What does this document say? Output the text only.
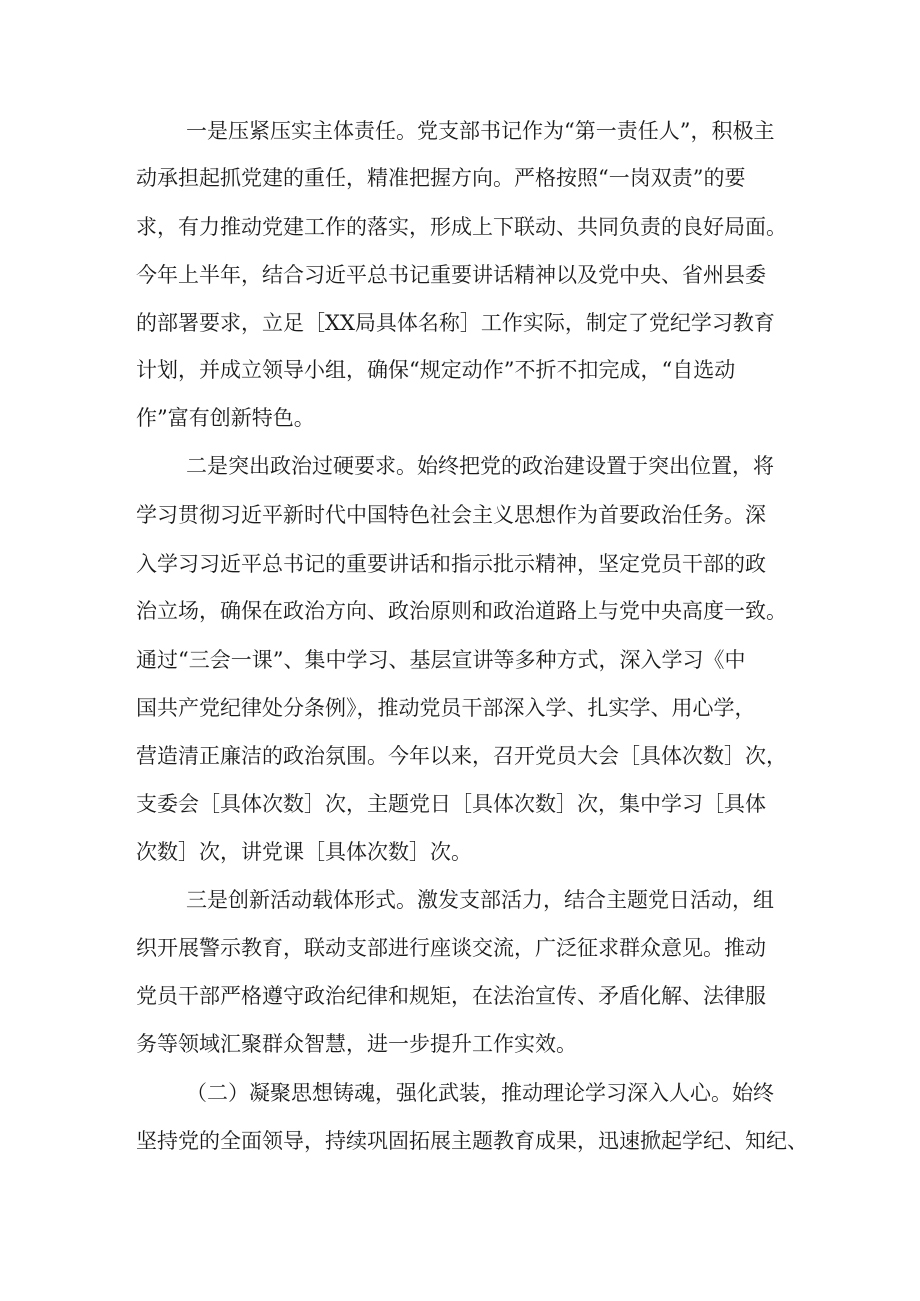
一是压紧压实主体责任。党支部书记作为“第一责任人”，积极主
动承担起抓党建的重任，精准把握方向。严格按照“一岗双责”的要
求，有力推动党建工作的落实，形成上下联动、共同负责的良好局面。
今年上半年，结合习近平总书记重要讲话精神以及党中央、省州县委
的部署要求，立足［XX局具体名称］工作实际，制定了党纪学习教育
计划，并成立领导小组，确保“规定动作”不折不扣完成，“自选动
作”富有创新特色。
二是突出政治过硬要求。始终把党的政治建设置于突出位置，将
学习贯彻习近平新时代中国特色社会主义思想作为首要政治任务。深
入学习习近平总书记的重要讲话和指示批示精神，坚定党员干部的政
治立场，确保在政治方向、政治原则和政治道路上与党中央高度一致。
通过“三会一课”、集中学习、基层宣讲等多种方式，深入学习《中
国共产党纪律处分条例》，推动党员干部深入学、扎实学、用心学，
营造清正廉洁的政治氛围。今年以来，召开党员大会［具体次数］次，
支委会［具体次数］次，主题党日［具体次数］次，集中学习［具体
次数］次，讲党课［具体次数］次。
三是创新活动载体形式。激发支部活力，结合主题党日活动，组
织开展警示教育，联动支部进行座谈交流，广泛征求群众意见。推动
党员干部严格遵守政治纪律和规矩，在法治宣传、矛盾化解、法律服
务等领域汇聚群众智慧，进一步提升工作实效。
（二）凝聚思想铸魂，强化武装，推动理论学习深入人心。始终
坚持党的全面领导，持续巩固拓展主题教育成果，迅速掀起学纪、知纪、
